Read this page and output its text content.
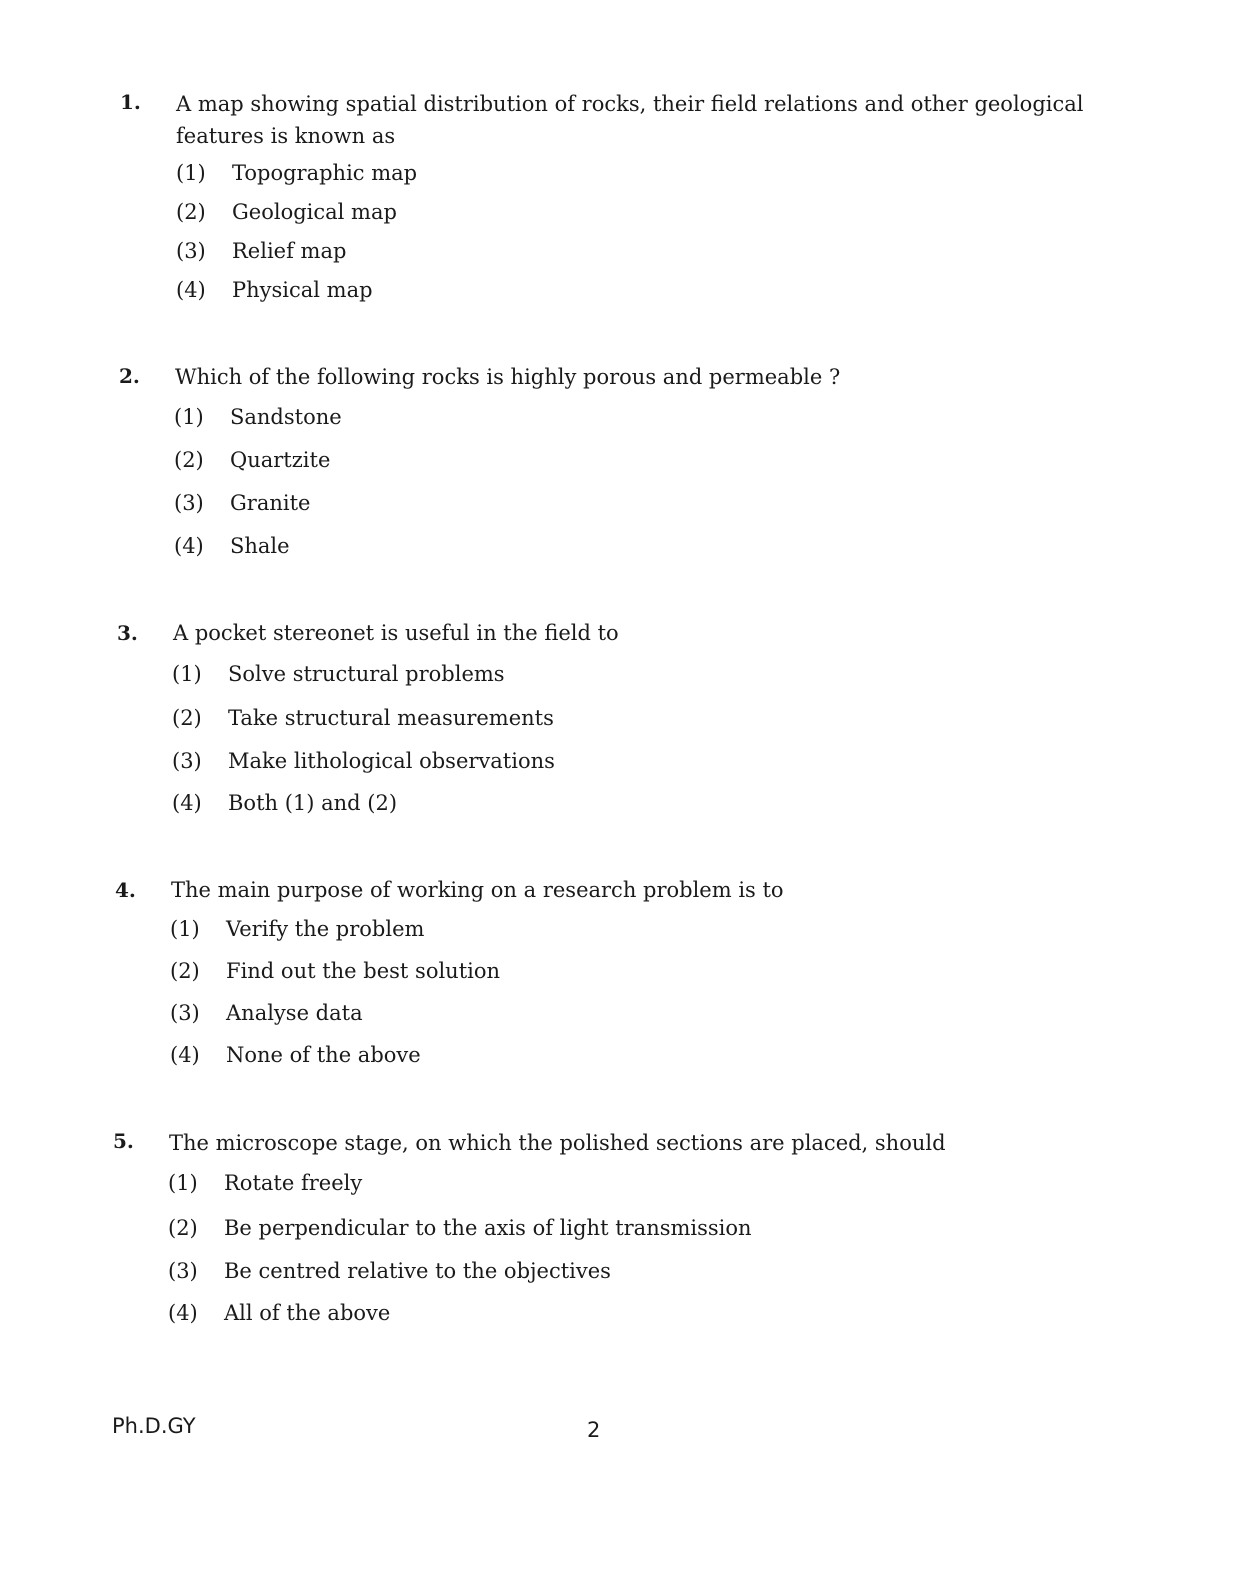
1. A map showing spatial distribution of rocks, their field relations and other geological features is known as
(1) Topographic map
(2) Geological map
(3) Relief map
(4) Physical map
2. Which of the following rocks is highly porous and permeable ?
(1) Sandstone
(2) Quartzite
(3) Granite
(4) Shale
3. A pocket stereonet is useful in the field to
(1) Solve structural problems
(2) Take structural measurements
(3) Make lithological observations
(4) Both (1) and (2)
4. The main purpose of working on a research problem is to
(1) Verify the problem
(2) Find out the best solution
(3) Analyse data
(4) None of the above
5. The microscope stage, on which the polished sections are placed, should
(1) Rotate freely
(2) Be perpendicular to the axis of light transmission
(3) Be centred relative to the objectives
(4) All of the above
Ph.D.GY	2
